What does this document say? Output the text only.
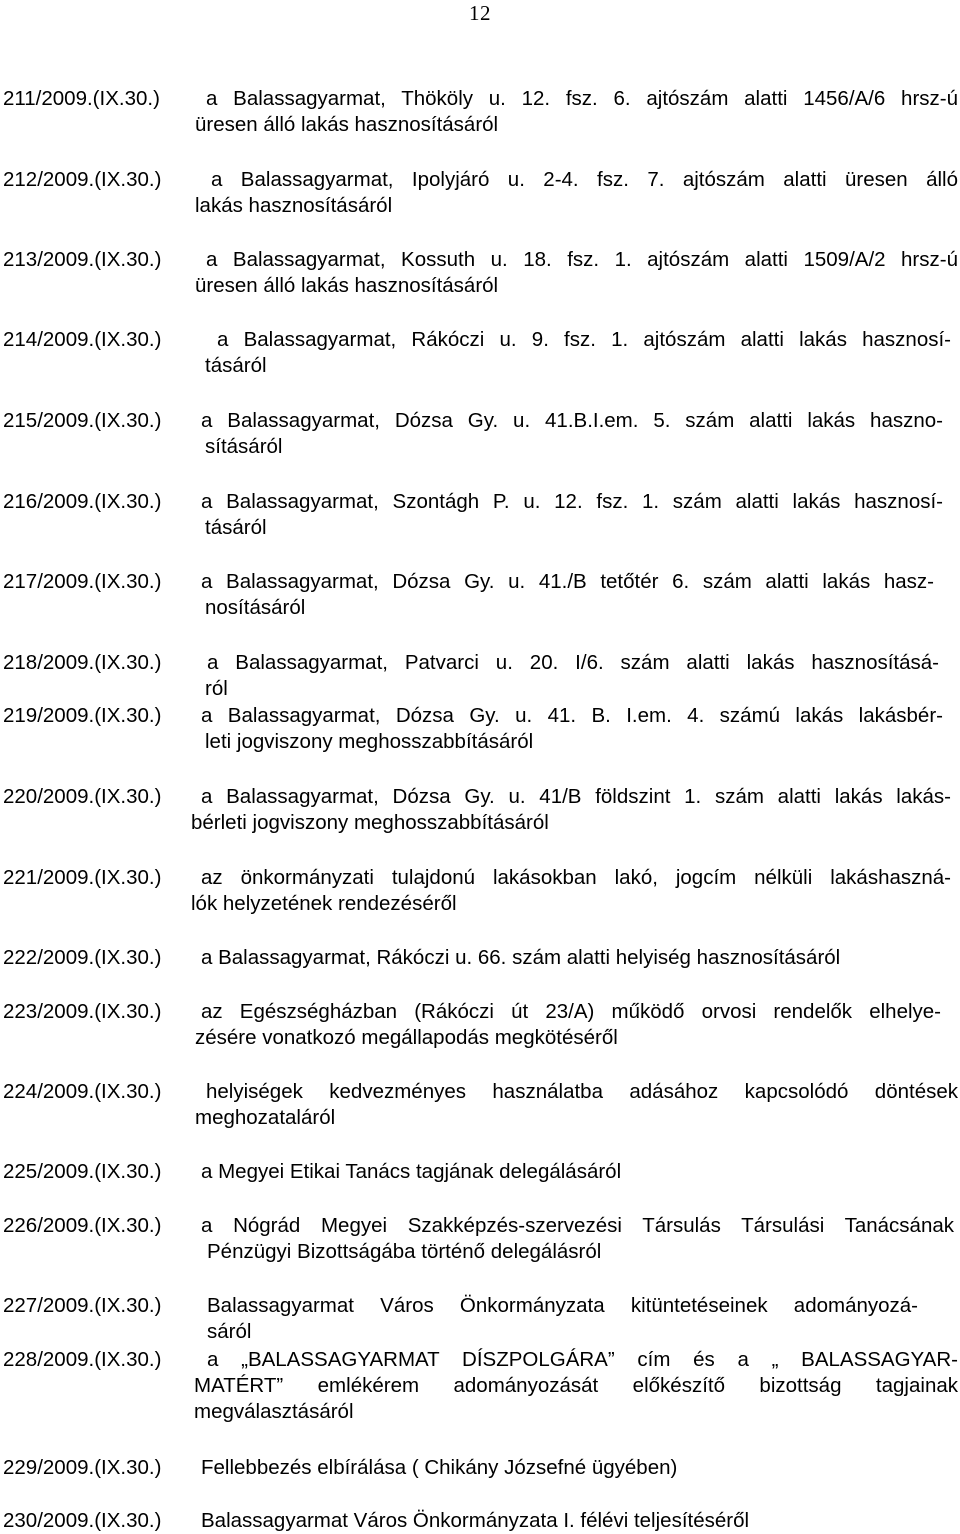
12
211/2009.(IX.30.) a Balassagyarmat, Thököly u. 12. fsz. 6. ajtószám alatti 1456/A/6 hrsz-ú
üresen álló lakás hasznosításáról
212/2009.(IX.30.) a Balassagyarmat, Ipolyjáró u. 2-4. fsz. 7. ajtószám alatti üresen álló
lakás hasznosításáról
213/2009.(IX.30.) a Balassagyarmat, Kossuth u. 18. fsz. 1. ajtószám alatti 1509/A/2 hrsz-ú
üresen álló lakás hasznosításáról
214/2009.(IX.30.)	a Balassagyarmat, Rákóczi u. 9. fsz. 1. ajtószám alatti lakás hasznosí-
tásáról
215/2009.(IX.30.) a Balassagyarmat, Dózsa Gy. u. 41.B.I.em. 5. szám alatti lakás haszno-
sításáról
216/2009.(IX.30.) a Balassagyarmat, Szontágh P. u. 12. fsz. 1. szám alatti lakás hasznosí-
tásáról
217/2009.(IX.30.) a Balassagyarmat, Dózsa Gy. u. 41./B tetőtér 6. szám alatti lakás hasz-
nosításáról
218/2009.(IX.30.) a Balassagyarmat, Patvarci u. 20. I/6. szám alatti lakás hasznosításá-
ról
219/2009.(IX.30.) a Balassagyarmat, Dózsa Gy. u. 41. B. I.em. 4. számú lakás lakásbér-
leti jogviszony meghosszabbításáról
220/2009.(IX.30.) a Balassagyarmat, Dózsa Gy. u. 41/B földszint 1. szám alatti lakás lakás-
bérleti jogviszony meghosszabbításáról
221/2009.(IX.30.) az önkormányzati tulajdonú lakásokban lakó, jogcím nélküli lakáshaszná-
lók helyzetének rendezéséről
222/2009.(IX.30.) a Balassagyarmat, Rákóczi u. 66. szám alatti helyiség hasznosításáról
223/2009.(IX.30.) az Egészségházban (Rákóczi út 23/A) működő orvosi rendelők elhelye-
zésére vonatkozó megállapodás megkötéséről
224/2009.(IX.30.) helyiségek kedvezményes használatba adásához kapcsolódó döntések
meghozataláról
225/2009.(IX.30.) a Megyei Etikai Tanács tagjának delegálásáról
226/2009.(IX.30.) a Nógrád Megyei Szakképzés-szervezési Társulás Társulási Tanácsának
Pénzügyi Bizottságába történő delegálásról
227/2009.(IX.30.) Balassagyarmat Város Önkormányzata kitüntetéseinek adományozá-
sáról
228/2009.(IX.30.) a „BALASSAGYARMAT DÍSZPOLGÁRA” cím és a „ BALASSAGYAR-
MATÉRT” emlékérem adományozását előkészítő bizottság tagjainak
megválasztásáról
229/2009.(IX.30.) Fellebbezés elbírálása ( Chikány Józsefné ügyében)
230/2009.(IX.30.) Balassagyarmat Város Önkormányzata I. félévi teljesítéséről
